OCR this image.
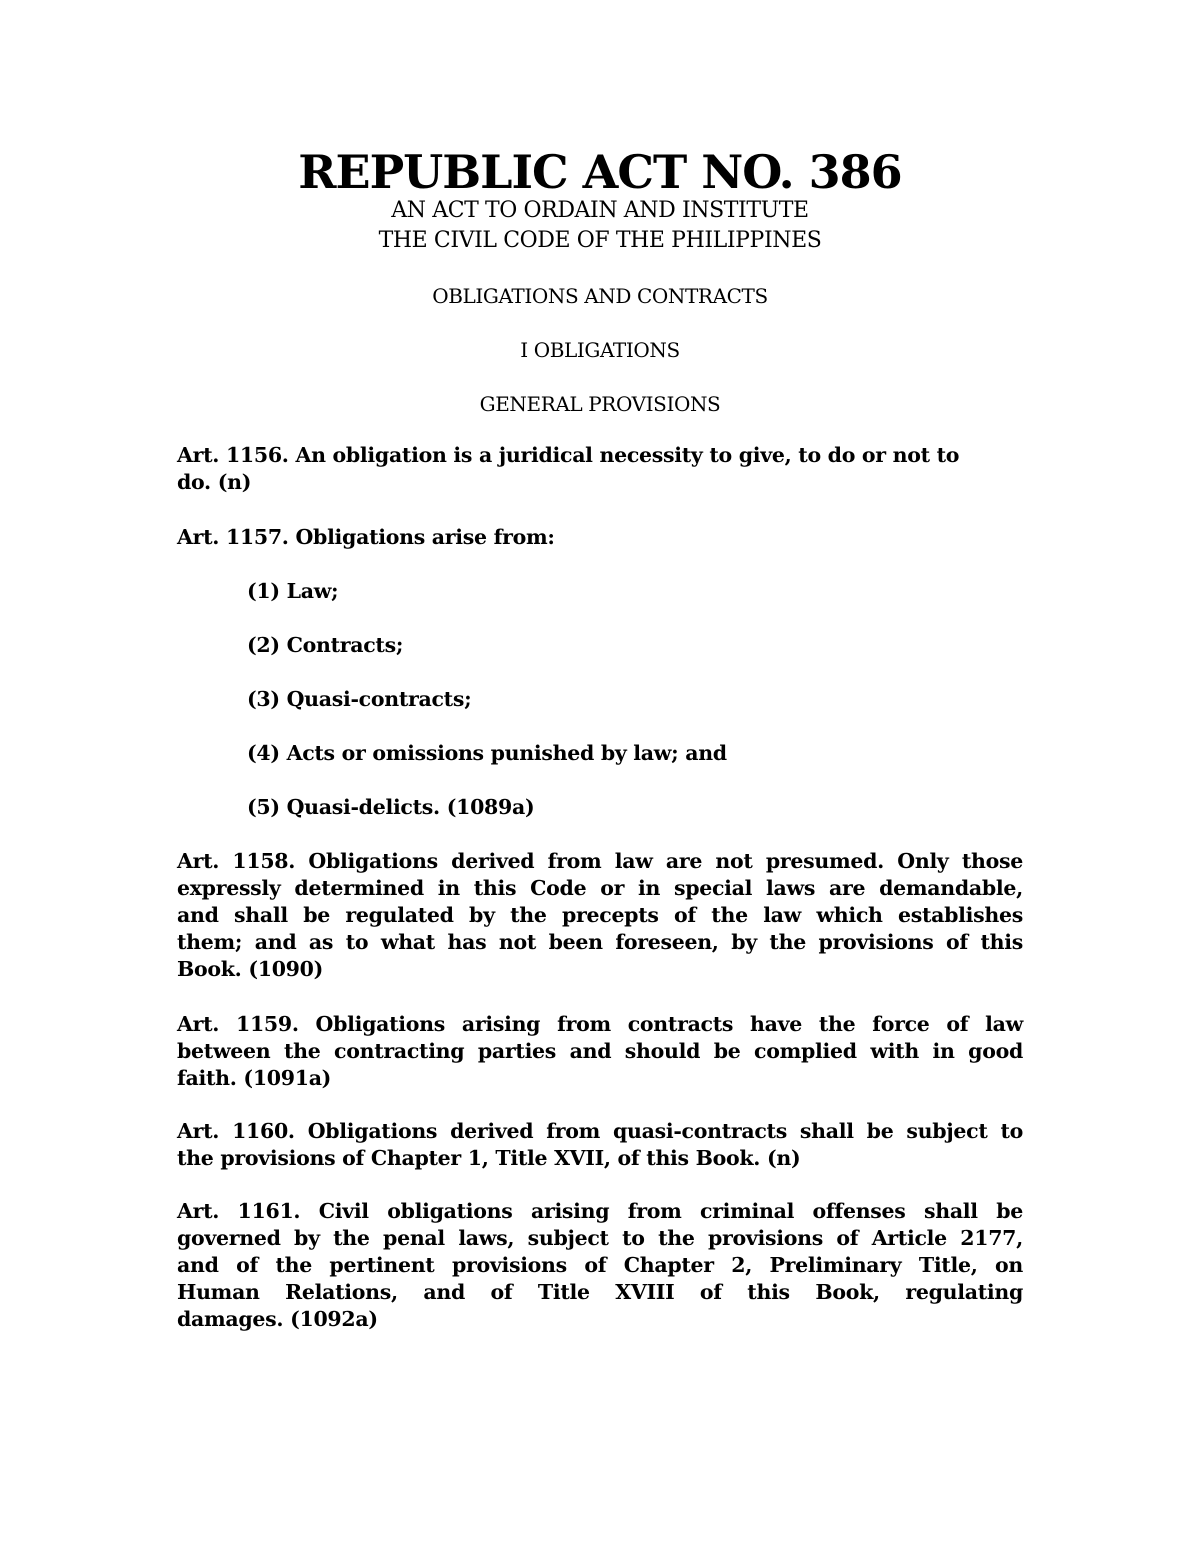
REPUBLIC ACT NO. 386
AN ACT TO ORDAIN AND INSTITUTE
THE CIVIL CODE OF THE PHILIPPINES
OBLIGATIONS AND CONTRACTS
I OBLIGATIONS
GENERAL PROVISIONS
Art. 1156. An obligation is a juridical necessity to give, to do or not to
do. (n)
Art. 1157. Obligations arise from:
(1) Law;
(2) Contracts;
(3) Quasi-contracts;
(4) Acts or omissions punished by law; and
(5) Quasi-delicts. (1089a)
Art. 1158. Obligations derived from law are not presumed. Only those
expressly determined in this Code or in special laws are demandable,
and shall be regulated by the precepts of the law which establishes
them; and as to what has not been foreseen, by the provisions of this
Book. (1090)
Art. 1159. Obligations arising from contracts have the force of law
between the contracting parties and should be complied with in good
faith. (1091a)
Art. 1160. Obligations derived from quasi-contracts shall be subject to
the provisions of Chapter 1, Title XVII, of this Book. (n)
Art. 1161. Civil obligations arising from criminal offenses shall be
governed by the penal laws, subject to the provisions of Article 2177,
and of the pertinent provisions of Chapter 2, Preliminary Title, on
Human Relations, and of Title XVIII of this Book, regulating
damages. (1092a)
